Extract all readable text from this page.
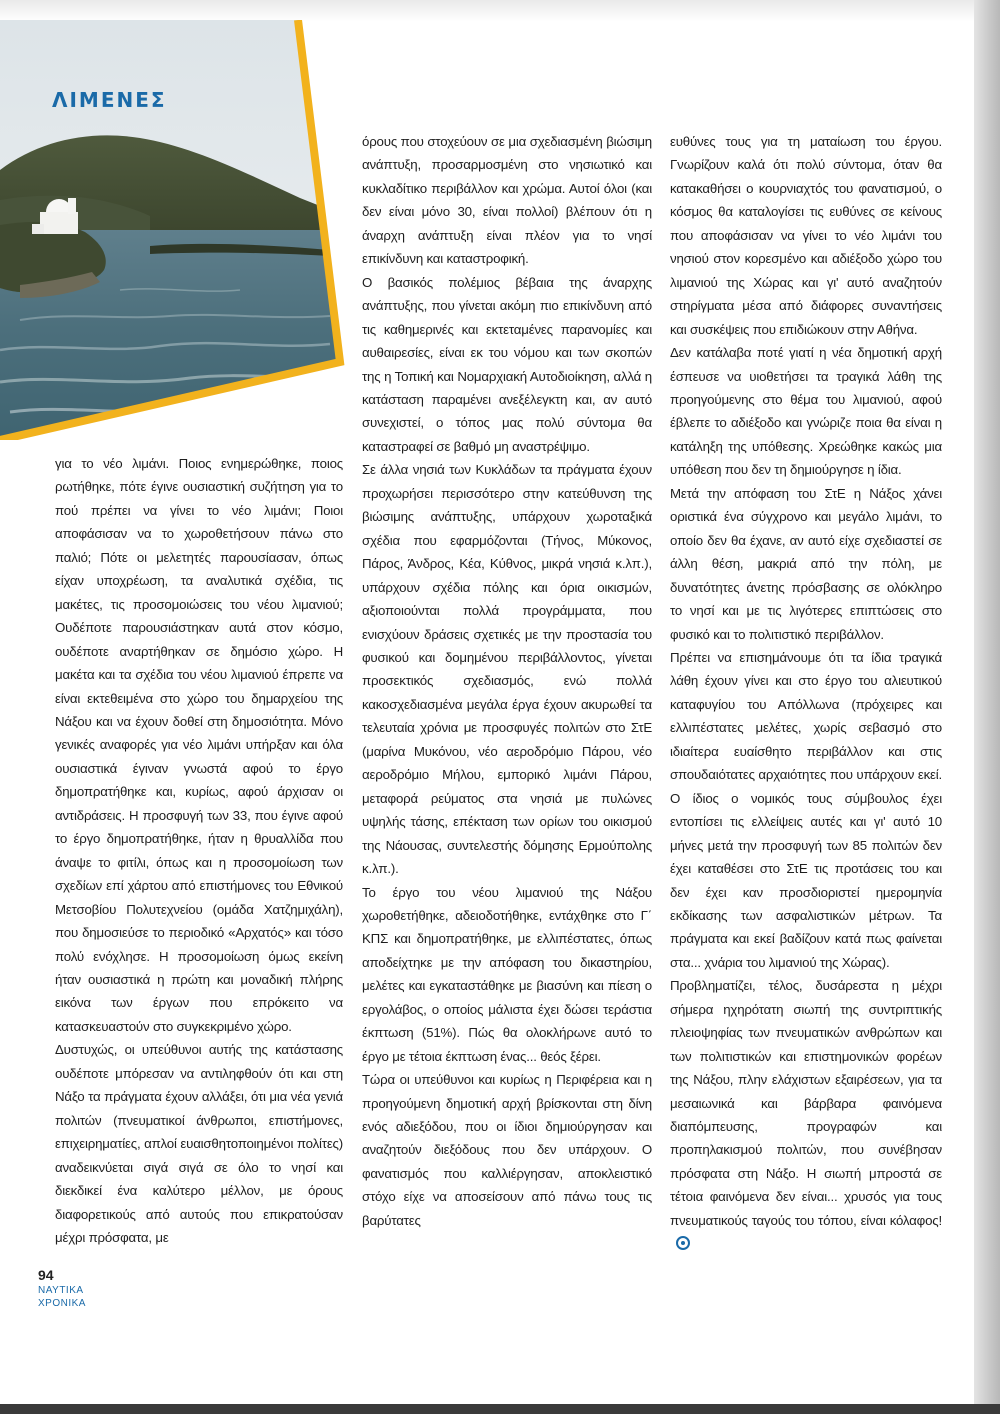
ΛΙΜΕΝΕΣ

για το νέο λιμάνι. Ποιος ενημερώθηκε, ποιος ρωτήθηκε, πότε έγινε ουσιαστική συζήτηση για το πού πρέπει να γίνει το νέο λιμάνι; Ποιοι αποφάσισαν να το χωροθετήσουν πάνω στο παλιό; Πότε οι μελετητές παρουσίασαν, όπως είχαν υποχρέωση, τα αναλυτικά σχέδια, τις μακέτες, τις προσομοιώσεις του νέου λιμανιού; Ουδέποτε παρουσιάστηκαν αυτά στον κόσμο, ουδέποτε αναρτήθηκαν σε δημόσιο χώρο. Η μακέτα και τα σχέδια του νέου λιμανιού έπρεπε να είναι εκτεθειμένα στο χώρο του δημαρχείου της Νάξου και να έχουν δοθεί στη δημοσιότητα. Μόνο γενικές αναφορές για νέο λιμάνι υπήρξαν και όλα ουσιαστικά έγιναν γνωστά αφού το έργο δημοπρατήθηκε και, κυρίως, αφού άρχισαν οι αντιδράσεις. Η προσφυγή των 33, που έγινε αφού το έργο δημοπρατήθηκε, ήταν η θρυαλλίδα που άναψε το φιτίλι, όπως και η προσομοίωση των σχεδίων επί χάρτου από επιστήμονες του Εθνικού Μετσοβίου Πολυτεχνείου (ομάδα Χατζημιχάλη), που δημοσιεύσε το περιοδικό «Αρχατός» και τόσο πολύ ενόχλησε. Η προσομοίωση όμως εκείνη ήταν ουσιαστικά η πρώτη και μοναδική πλήρης εικόνα των έργων που επρόκειτο να κατασκευαστούν στο συγκεκριμένο χώρο.

Δυστυχώς, οι υπεύθυνοι αυτής της κατάστασης ουδέποτε μπόρεσαν να αντιληφθούν ότι και στη Νάξο τα πράγματα έχουν αλλάξει, ότι μια νέα γενιά πολιτών (πνευματικοί άνθρωποι, επιστήμονες, επιχειρηματίες, απλοί ευαισθητοποιημένοι πολίτες) αναδεικνύεται σιγά σιγά σε όλο το νησί και διεκδικεί ένα καλύτερο μέλλον, με όρους διαφορετικούς από αυτούς που επικρατούσαν μέχρι πρόσφατα, με

όρους που στοχεύουν σε μια σχεδιασμένη βιώσιμη ανάπτυξη, προσαρμοσμένη στο νησιωτικό και κυκλαδίτικο περιβάλλον και χρώμα. Αυτοί όλοι (και δεν είναι μόνο 30, είναι πολλοί) βλέπουν ότι η άναρχη ανάπτυξη είναι πλέον για το νησί επικίνδυνη και καταστροφική.

Ο βασικός πολέμιος βέβαια της άναρχης ανάπτυξης, που γίνεται ακόμη πιο επικίνδυνη από τις καθημερινές και εκτεταμένες παρανομίες και αυθαιρεσίες, είναι εκ του νόμου και των σκοπών της η Τοπική και Νομαρχιακή Αυτοδιοίκηση, αλλά η κατάσταση παραμένει ανεξέλεγκτη και, αν αυτό συνεχιστεί, ο τόπος μας πολύ σύντομα θα καταστραφεί σε βαθμό μη αναστρέψιμο.

Σε άλλα νησιά των Κυκλάδων τα πράγματα έχουν προχωρήσει περισσότερο στην κατεύθυνση της βιώσιμης ανάπτυξης, υπάρχουν χωροταξικά σχέδια που εφαρμόζονται (Τήνος, Μύκονος, Πάρος, Άνδρος, Κέα, Κύθνος, μικρά νησιά κ.λπ.), υπάρχουν σχέδια πόλης και όρια οικισμών, αξιοποιούνται πολλά προγράμματα, που ενισχύουν δράσεις σχετικές με την προστασία του φυσικού και δομημένου περιβάλλοντος, γίνεται προσεκτικός σχεδιασμός, ενώ πολλά κακοσχεδιασμένα μεγάλα έργα έχουν ακυρωθεί τα τελευταία χρόνια με προσφυγές πολιτών στο ΣτΕ (μαρίνα Μυκόνου, νέο αεροδρόμιο Πάρου, νέο αεροδρόμιο Μήλου, εμπορικό λιμάνι Πάρου, μεταφορά ρεύματος στα νησιά με πυλώνες υψηλής τάσης, επέκταση των ορίων του οικισμού της Νάουσας, συντελεστής δόμησης Ερμούπολης κ.λπ.).

Το έργο του νέου λιμανιού της Νάξου χωροθετήθηκε, αδειοδοτήθηκε, εντάχθηκε στο Γ΄ ΚΠΣ και δημοπρατήθηκε, με ελλιπέστατες, όπως αποδείχτηκε με την απόφαση του δικαστηρίου, μελέτες και εγκαταστάθηκε με βιασύνη και πίεση ο εργολάβος, ο οποίος μάλιστα έχει δώσει τεράστια έκπτωση (51%). Πώς θα ολοκλήρωνε αυτό το έργο με τέτοια έκπτωση ένας... θεός ξέρει.

Τώρα οι υπεύθυνοι και κυρίως η Περιφέρεια και η προηγούμενη δημοτική αρχή βρίσκονται στη δίνη ενός αδιεξόδου, που οι ίδιοι δημιούργησαν και αναζητούν διεξόδους που δεν υπάρχουν. Ο φανατισμός που καλλιέργησαν, αποκλειστικό στόχο είχε να αποσείσουν από πάνω τους τις βαρύτατες

ευθύνες τους για τη ματαίωση του έργου. Γνωρίζουν καλά ότι πολύ σύντομα, όταν θα κατακαθήσει ο κουρνιαχτός του φανατισμού, ο κόσμος θα καταλογίσει τις ευθύνες σε κείνους που αποφάσισαν να γίνει το νέο λιμάνι του νησιού στον κορεσμένο και αδιέξοδο χώρο του λιμανιού της Χώρας και γι' αυτό αναζητούν στηρίγματα μέσα από διάφορες συναντήσεις και συσκέψεις που επιδιώκουν στην Αθήνα.

Δεν κατάλαβα ποτέ γιατί η νέα δημοτική αρχή έσπευσε να υιοθετήσει τα τραγικά λάθη της προηγούμενης στο θέμα του λιμανιού, αφού έβλεπε το αδιέξοδο και γνώριζε ποια θα είναι η κατάληξη της υπόθεσης. Χρεώθηκε κακώς μια υπόθεση που δεν τη δημιούργησε η ίδια.

Μετά την απόφαση του ΣτΕ η Νάξος χάνει οριστικά ένα σύγχρονο και μεγάλο λιμάνι, το οποίο δεν θα έχανε, αν αυτό είχε σχεδιαστεί σε άλλη θέση, μακριά από την πόλη, με δυνατότητες άνετης πρόσβασης σε ολόκληρο το νησί και με τις λιγότερες επιπτώσεις στο φυσικό και το πολιτιστικό περιβάλλον.

Πρέπει να επισημάνουμε ότι τα ίδια τραγικά λάθη έχουν γίνει και στο έργο του αλιευτικού καταφυγίου του Απόλλωνα (πρόχειρες και ελλιπέστατες μελέτες, χωρίς σεβασμό στο ιδιαίτερα ευαίσθητο περιβάλλον και στις σπουδαιότατες αρχαιότητες που υπάρχουν εκεί. Ο ίδιος ο νομικός τους σύμβουλος έχει εντοπίσει τις ελλείψεις αυτές και γι' αυτό 10 μήνες μετά την προσφυγή των 85 πολιτών δεν έχει καταθέσει στο ΣτΕ τις προτάσεις του και δεν έχει καν προσδιοριστεί ημερομηνία εκδίκασης των ασφαλιστικών μέτρων. Τα πράγματα και εκεί βαδίζουν κατά πως φαίνεται στα... χνάρια του λιμανιού της Χώρας).

Προβληματίζει, τέλος, δυσάρεστα η μέχρι σήμερα ηχηρότατη σιωπή της συντριπτικής πλειοψηφίας των πνευματικών ανθρώπων και των πολιτιστικών και επιστημονικών φορέων της Νάξου, πλην ελάχιστων εξαιρέσεων, για τα μεσαιωνικά και βάρβαρα φαινόμενα διαπόμπευσης, προγραφών και προπηλακισμού πολιτών, που συνέβησαν πρόσφατα στη Νάξο. Η σιωπή μπροστά σε τέτοια φαινόμενα δεν είναι... χρυσός για τους πνευματικούς ταγούς του τόπου, είναι κόλαφος!

94

ΝΑΥΤΙΚΑ

ΧΡΟΝΙΚΑ
